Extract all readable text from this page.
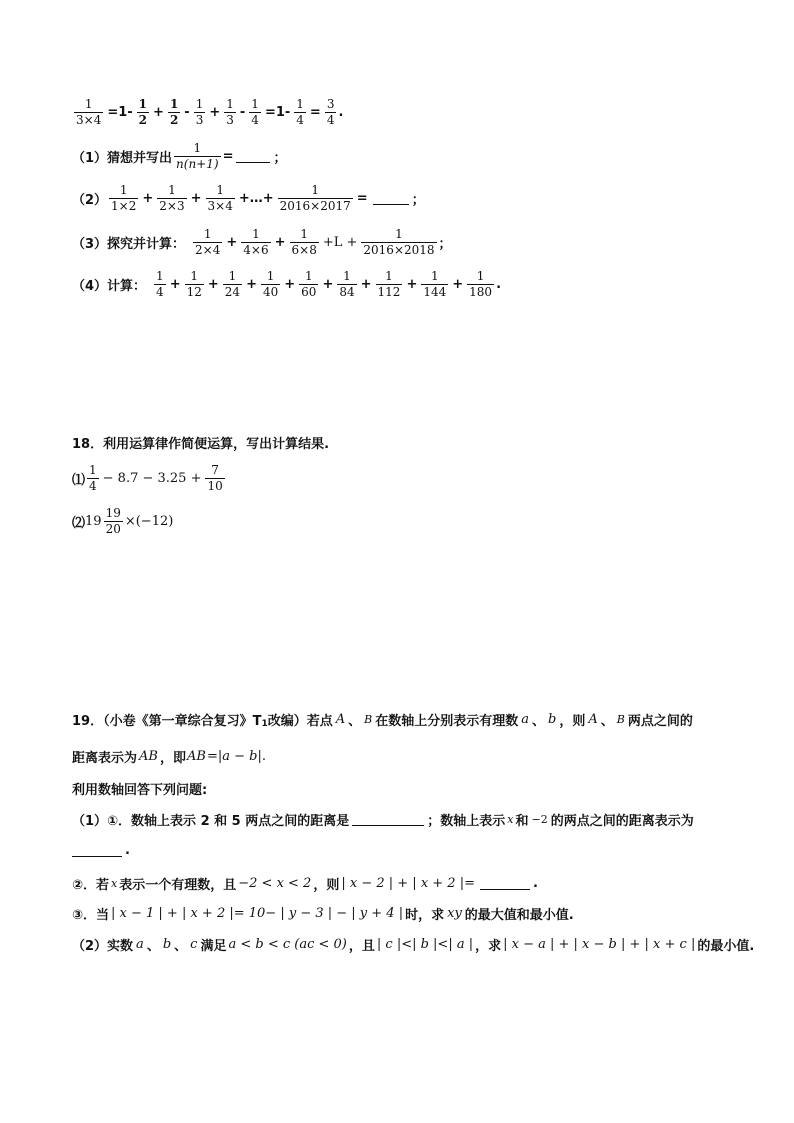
$\frac{1}{3\times 4} =1- \frac{1}{2} + \frac{1}{2} - \frac{1}{3} + \frac{1}{3} - \frac{1}{4} =1- \frac{1}{4} = \frac{3}{4}$ .
（1）猜想并写出 $\frac{1}{n(n+1)}$ =	；
$(2) \frac{1}{1\times 2} + \frac{1}{2\times 3} + \frac{1}{3\times 4}$ +…+ $\frac{1}{2016\times 2017}$ =	；
（3）探究并计算： $\frac{1}{2\times 4} + \frac{1}{4\times 6} + \frac{1}{6\times 8} +L + \frac{1}{2016\times 2018}$ ；
（4）计算： $\frac{1}{4} + \frac{1}{12} + \frac{1}{24} + \frac{1}{40} + \frac{1}{60} + \frac{1}{84} + \frac{1}{112} + \frac{1}{144} + \frac{1}{180}$ .
18．利用运算律作简便运算，写出计算结果.
⑴ $\frac{1}{4} - 8.7 - 3.25 + \frac{7}{10}$
⑵ $19 \frac{19}{20} \times(-12)$
19．（小卷《第一章综合复习》T 1 改编）若点 A 、 B 在数轴上分别表示有理数 a 、 b ，则 A 、 B 两点之间的
距离表示为 AB ，即 AB =| a − b |.
利用数轴回答下列问题:
（1）①．数轴上表示 2 和 5 两点之间的距离是	；数轴上表示 x 和 −2 的两点之间的距离表示为
.
②．若 x 表示一个有理数，且 −2 < x < 2 ，则 | x − 2 | + | x + 2 |=	.
③．当 | x − 1 | + | x + 2 |= 10− | y − 3 | − | y + 4 | 时，求 xy 的最大值和最小值.
（2）实数 a 、 b 、 c 满足 a < b < c (ac < 0) ，且 | c |<| b |<| a | ，求 | x − a | + | x − b | + | x + c | 的最小值.
